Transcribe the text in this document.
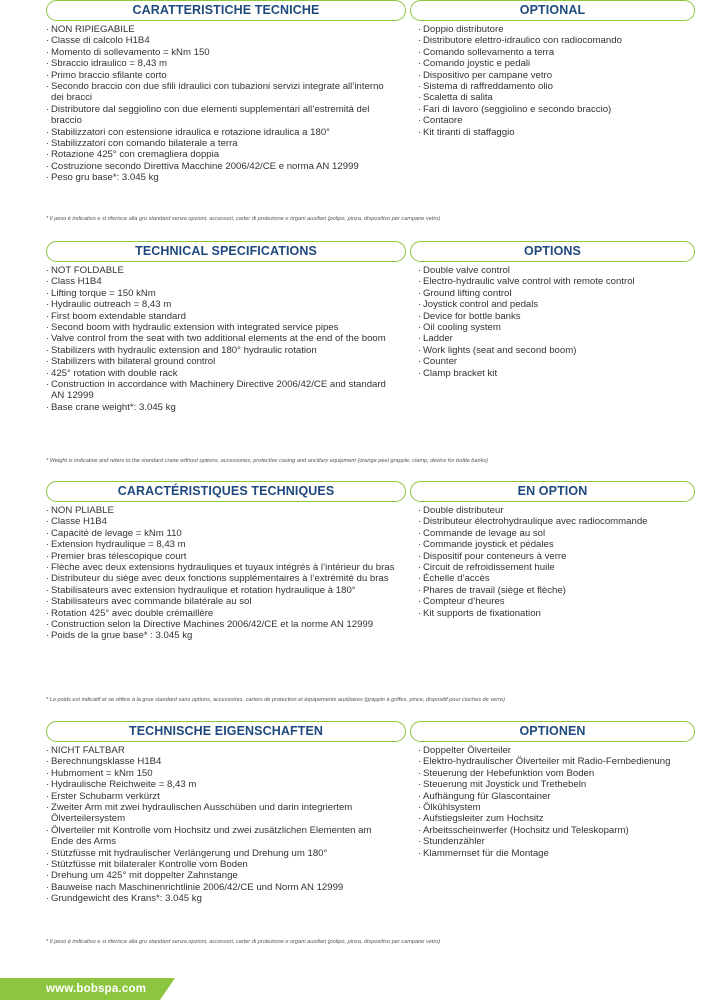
CARATTERISTICHE TECNICHE	OPTIONAL
· NON RIPIEGABILE
· Classe di calcolo H1B4
· Momento di sollevamento = kNm 150
· Sbraccio idraulico = 8,43 m
· Primo braccio sfilante corto
· Secondo braccio con due sfili idraulici con tubazioni servizi integrate all’interno dei bracci
· Distributore dal seggiolino con due elementi supplementari all’estremità del braccio
· Stabilizzatori con estensione idraulica e rotazione idraulica a 180°
· Stabilizzatori con comando bilaterale a terra
· Rotazione 425° con cremagliera doppia
· Costruzione secondo Direttiva Macchine 2006/42/CE e norma AN 12999
· Peso gru base*: 3.045 kg
· Doppio distributore
· Distributore elettro-idraulico con radiocomando
· Comando sollevamento a terra
· Comando joystic e pedali
· Dispositivo per campane vetro
· Sistema di raffreddamento olio
· Scaletta di salita
· Fari di lavoro (seggiolino e secondo braccio)
· Contaore
· Kit tiranti di staffaggio
* Il peso è indicativo e si riferisce alla gru standard senza opzioni, accessori, carter di protezione e organi ausiliari (polipo, pinza, dispositivo per campane vetro)
TECHNICAL SPECIFICATIONS	OPTIONS
· NOT FOLDABLE
· Class H1B4
· Lifting torque = 150 kNm
· Hydraulic outreach = 8,43 m
· First boom extendable standard
· Second boom with hydraulic extension with integrated service pipes
· Valve control from the seat with two additional elements at the end of the boom
· Stabilizers with hydraulic extension and 180° hydraulic rotation
· Stabilizers with bilateral ground control
· 425° rotation with double rack
· Construction in accordance with Machinery Directive 2006/42/CE and standard AN 12999
· Base crane weight*: 3.045 kg
· Double valve control
· Electro-hydraulic valve control with remote control
· Ground lifting control
· Joystick control and pedals
· Device for bottle banks
· Oil cooling system
· Ladder
· Work lights (seat and second boom)
· Counter
· Clamp bracket kit
* Weight is indicative and refers to the standard crane without options, accessories, protective casing and ancillary equipment (orange peel grapple, clamp, device for bottle banks)
CARACTÉRISTIQUES TECHNIQUES	EN OPTION
· NON PLIABLE
· Classe H1B4
· Capacité de levage = kNm 110
· Extension hydraulique = 8,43 m
· Premier bras télescopique court
· Flèche avec deux extensions hydrauliques et tuyaux intégrés à l’intérieur du bras
· Distributeur du siège avec deux fonctions supplémentaires à l’extrémité du bras
· Stabilisateurs avec extension hydraulique et rotation hydraulique à 180°
· Stabilisateurs avec commande bilatérale au sol
· Rotation 425° avec double crémaillère
· Construction selon la Directive Machines 2006/42/CE et la norme AN 12999
· Poids de la grue base* : 3.045 kg
· Double distributeur
· Distributeur électrohydraulique avec radiocommande
· Commande de levage au sol
· Commande joystick et pédales
· Dispositif pour conteneurs à verre
· Circuit de refroidissement huile
· Échelle d’accès
· Phares de travail (siège et flèche)
· Compteur d’heures
· Kit supports de fixationation
* Le poids est indicatif et se réfère à la grue standard sans options, accessoires, carters de protection et équipements auxiliaires (grappin à griffes, pince, dispositif pour cloches de verre)
TECHNISCHE EIGENSCHAFTEN	OPTIONEN
· NICHT FALTBAR
· Berechnungsklasse H1B4
· Hubmoment = kNm 150
· Hydraulische Reichweite = 8,43 m
· Erster Schubarm verkürzt
· Zweiter Arm mit zwei hydraulischen Ausschüben und darin integriertem Ölverteilersystem
· Ölverteiler mit Kontrolle vom Hochsitz und zwei zusätzlichen Elementen am Ende des Arms
· Stützfüsse mit hydraulischer Verlängerung und Drehung um 180°
· Stützfüsse mit bilateraler Kontrolle vom Boden
· Drehung um 425° mit doppelter Zahnstange
· Bauweise nach Maschinenrichtlinie 2006/42/CE und Norm AN 12999
· Grundgewicht des Krans*: 3.045 kg
· Doppelter Ölverteiler
· Elektro-hydraulischer Ölverteiler mit Radio-Fernbedienung
· Steuerung der Hebefunktion vom Boden
· Steuerung mit Joystick und Trethebeln
· Aufhängung für Glascontainer
· Ölkühlsystem
· Aufstiegsleiter zum Hochsitz
· Arbeitsscheinwerfer (Hochsitz und Teleskoparm)
· Stundenzähler
· Klammernset für die Montage
* Il peso è indicativo e si riferisce alla gru standard senza opzioni, accessori, carter di protezione e organi ausiliari (polipo, pinza, dispositivo per campane vetro)
www.bobspa.com
